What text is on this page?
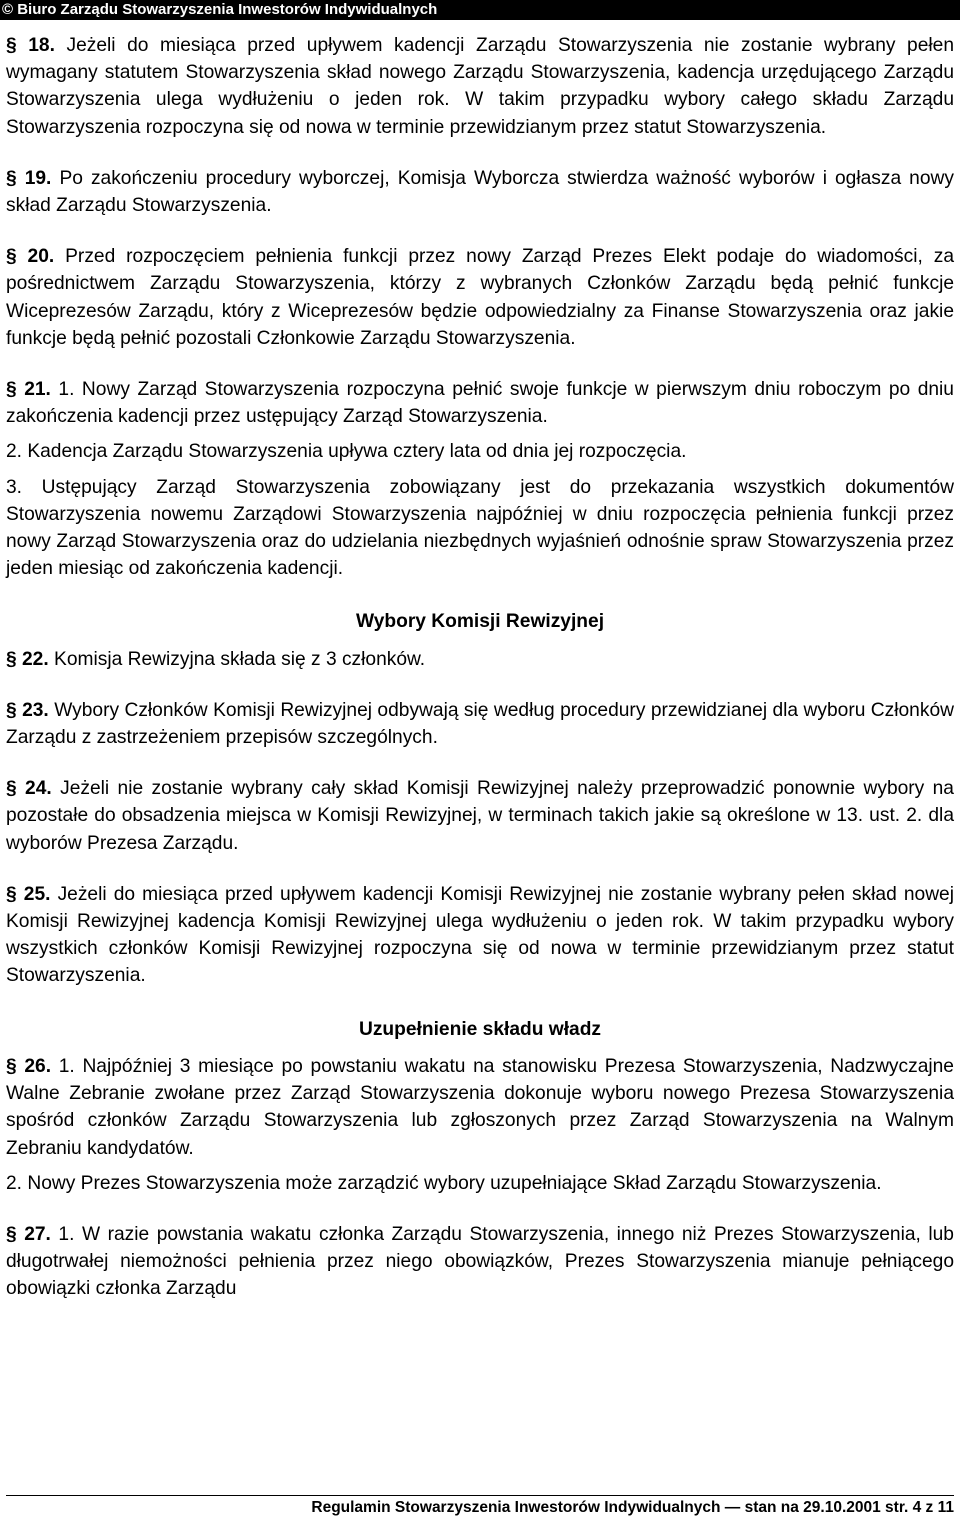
© Biuro Zarządu Stowarzyszenia Inwestorów Indywidualnych

§ 18. Jeżeli do miesiąca przed upływem kadencji Zarządu Stowarzyszenia nie zostanie wybrany pełen wymagany statutem Stowarzyszenia skład nowego Zarządu Stowarzyszenia, kadencja urzędującego Zarządu Stowarzyszenia ulega wydłużeniu o jeden rok. W takim przypadku wybory całego składu Zarządu Stowarzyszenia rozpoczyna się od nowa w terminie przewidzianym przez statut Stowarzyszenia.

§ 19. Po zakończeniu procedury wyborczej, Komisja Wyborcza stwierdza ważność wyborów i ogłasza nowy skład Zarządu Stowarzyszenia.

§ 20. Przed rozpoczęciem pełnienia funkcji przez nowy Zarząd Prezes Elekt podaje do wiadomości, za pośrednictwem Zarządu Stowarzyszenia, którzy z wybranych Członków Zarządu będą pełnić funkcje Wiceprezesów Zarządu, który z Wiceprezesów będzie odpowiedzialny za Finanse Stowarzyszenia oraz jakie funkcje będą pełnić pozostali Członkowie Zarządu Stowarzyszenia.

§ 21. 1. Nowy Zarząd Stowarzyszenia rozpoczyna pełnić swoje funkcje w pierwszym dniu roboczym po dniu zakończenia kadencji przez ustępujący Zarząd Stowarzyszenia.

2. Kadencja Zarządu Stowarzyszenia upływa cztery lata od dnia jej rozpoczęcia.

3. Ustępujący Zarząd Stowarzyszenia zobowiązany jest do przekazania wszystkich dokumentów Stowarzyszenia nowemu Zarządowi Stowarzyszenia najpóźniej w dniu rozpoczęcia pełnienia funkcji przez nowy Zarząd Stowarzyszenia oraz do udzielania niezbędnych wyjaśnień odnośnie spraw Stowarzyszenia przez jeden miesiąc od zakończenia kadencji.

Wybory Komisji Rewizyjnej

§ 22. Komisja Rewizyjna składa się z 3 członków.

§ 23. Wybory Członków Komisji Rewizyjnej odbywają się według procedury przewidzianej dla wyboru Członków Zarządu z zastrzeżeniem przepisów szczególnych.

§ 24. Jeżeli nie zostanie wybrany cały skład Komisji Rewizyjnej należy przeprowadzić ponownie wybory na pozostałe do obsadzenia miejsca w Komisji Rewizyjnej, w terminach takich jakie są określone w 13. ust. 2. dla wyborów Prezesa Zarządu.

§ 25. Jeżeli do miesiąca przed upływem kadencji Komisji Rewizyjnej nie zostanie wybrany pełen skład nowej Komisji Rewizyjnej kadencja Komisji Rewizyjnej ulega wydłużeniu o jeden rok. W takim przypadku wybory wszystkich członków Komisji Rewizyjnej rozpoczyna się od nowa w terminie przewidzianym przez statut Stowarzyszenia.

Uzupełnienie składu władz

§ 26. 1. Najpóźniej 3 miesiące po powstaniu wakatu na stanowisku Prezesa Stowarzyszenia, Nadzwyczajne Walne Zebranie zwołane przez Zarząd Stowarzyszenia dokonuje wyboru nowego Prezesa Stowarzyszenia spośród członków Zarządu Stowarzyszenia lub zgłoszonych przez Zarząd Stowarzyszenia na Walnym Zebraniu kandydatów.

2. Nowy Prezes Stowarzyszenia może zarządzić wybory uzupełniające Skład Zarządu Stowarzyszenia.

§ 27. 1. W razie powstania wakatu członka Zarządu Stowarzyszenia, innego niż Prezes Stowarzyszenia, lub długotrwałej niemożności pełnienia przez niego obowiązków, Prezes Stowarzyszenia mianuje pełniącego obowiązki członka Zarządu

Regulamin Stowarzyszenia Inwestorów Indywidualnych — stan na 29.10.2001 str. 4 z 11
